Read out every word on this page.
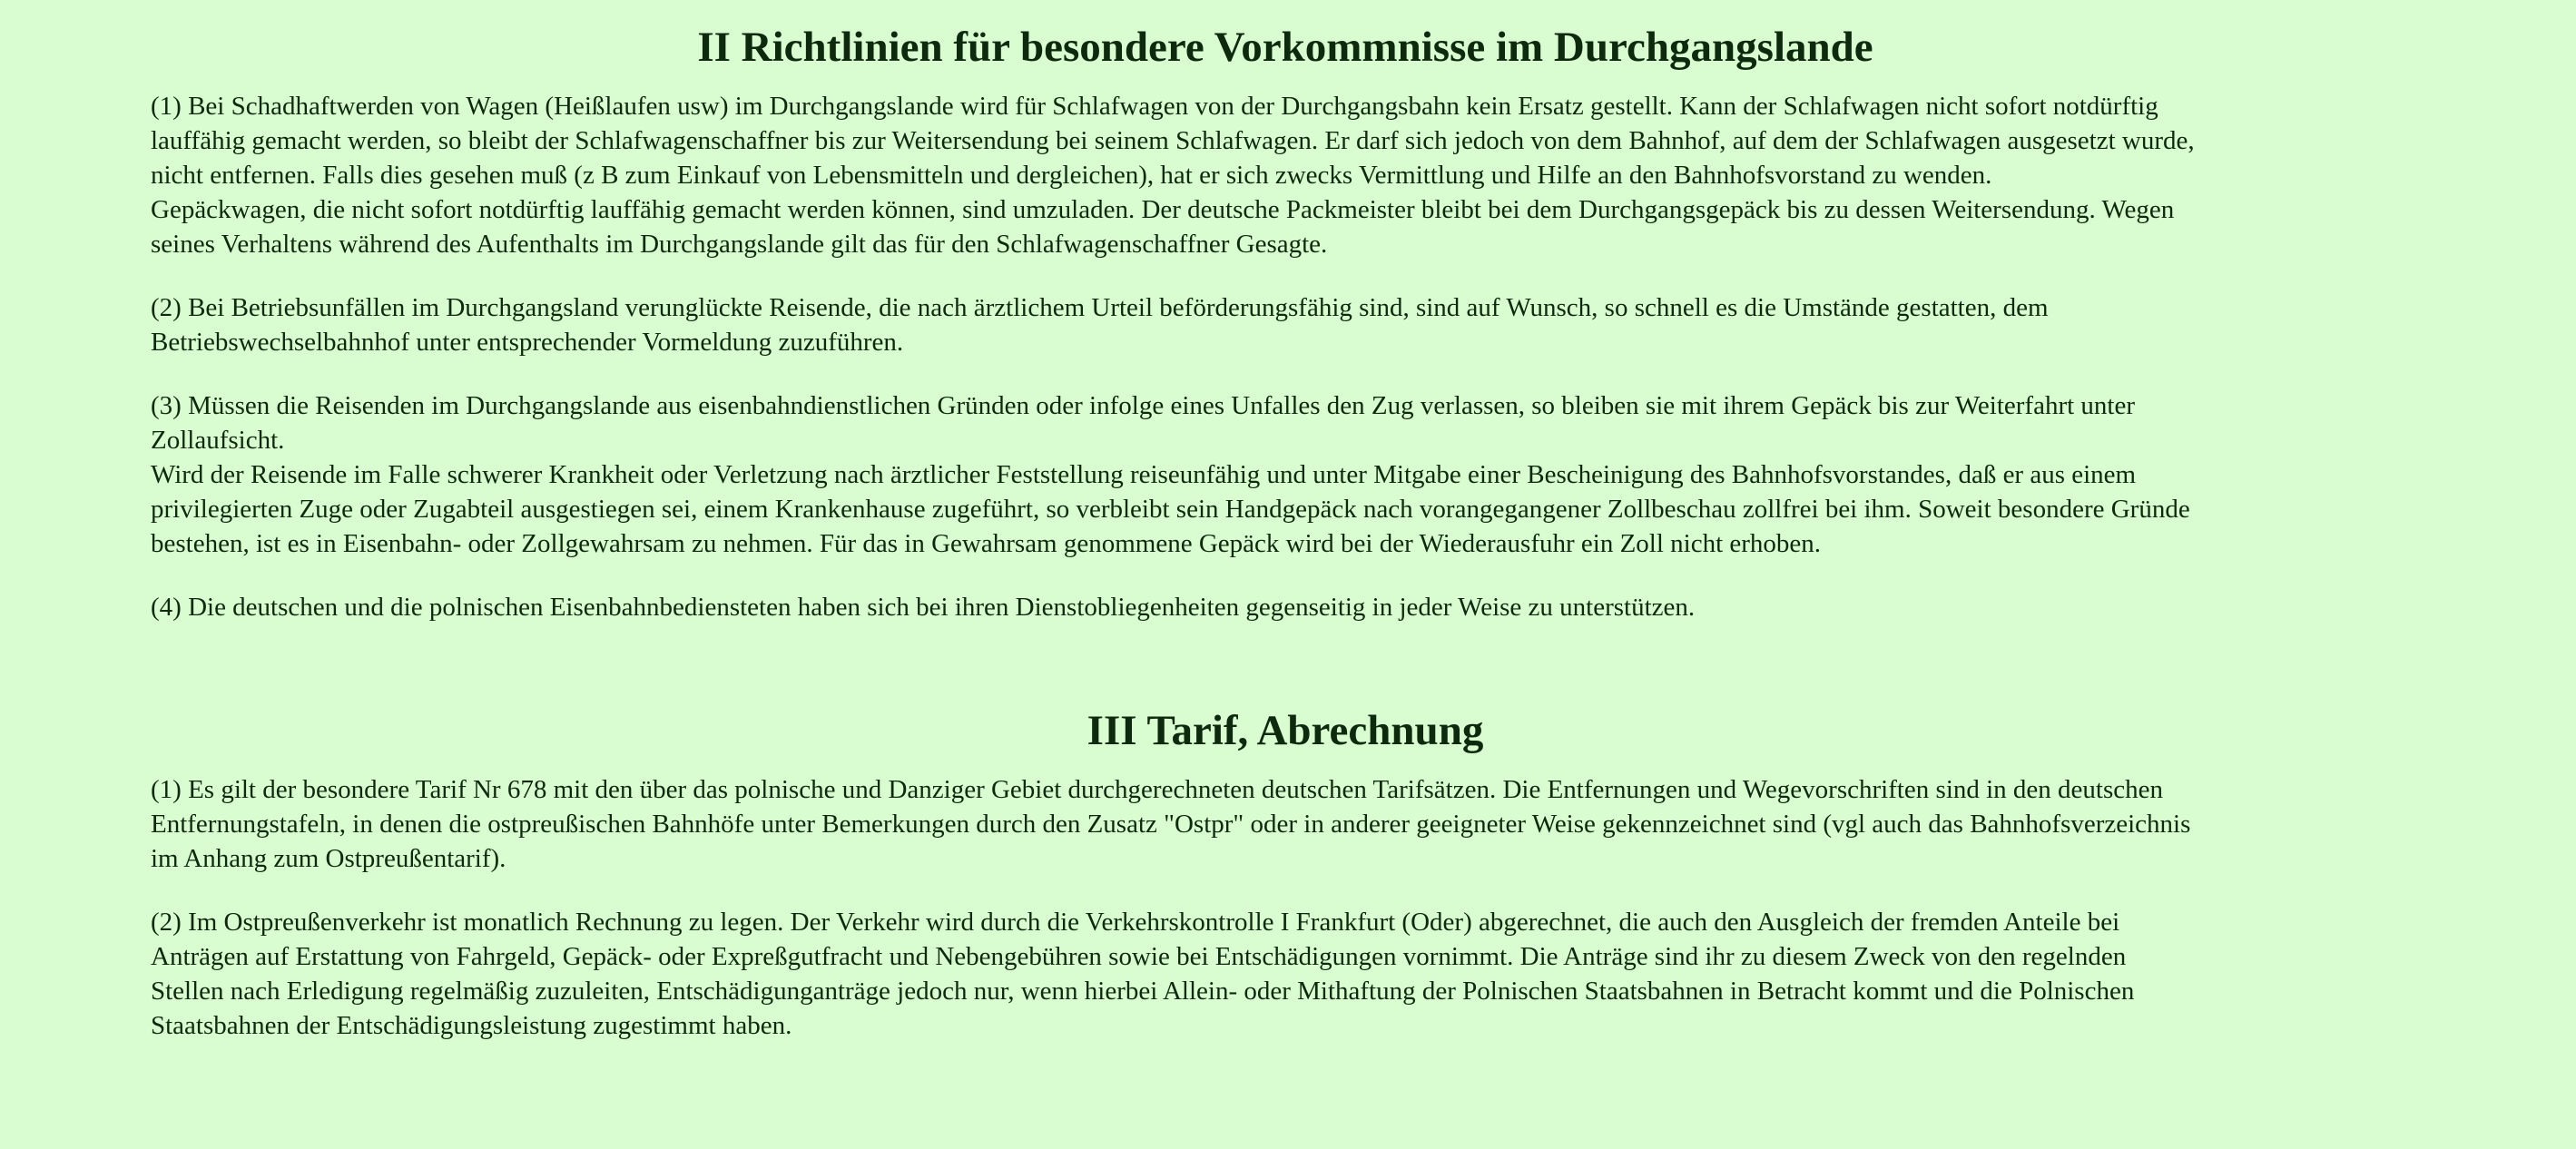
II Richtlinien für besondere Vorkommnisse im Durchgangslande

(1) Bei Schadhaftwerden von Wagen (Heißlaufen usw) im Durchgangslande wird für Schlafwagen von der Durchgangsbahn kein Ersatz gestellt. Kann der Schlafwagen nicht sofort notdürftig
lauffähig gemacht werden, so bleibt der Schlafwagenschaffner bis zur Weitersendung bei seinem Schlafwagen. Er darf sich jedoch von dem Bahnhof, auf dem der Schlafwagen ausgesetzt wurde,
nicht entfernen. Falls dies gesehen muß (z B zum Einkauf von Lebensmitteln und dergleichen), hat er sich zwecks Vermittlung und Hilfe an den Bahnhofsvorstand zu wenden.
Gepäckwagen, die nicht sofort notdürftig lauffähig gemacht werden können, sind umzuladen. Der deutsche Packmeister bleibt bei dem Durchgangsgepäck bis zu dessen Weitersendung. Wegen
seines Verhaltens während des Aufenthalts im Durchgangslande gilt das für den Schlafwagenschaffner Gesagte.

(2) Bei Betriebsunfällen im Durchgangsland verunglückte Reisende, die nach ärztlichem Urteil beförderungsfähig sind, sind auf Wunsch, so schnell es die Umstände gestatten, dem
Betriebswechselbahnhof unter entsprechender Vormeldung zuzuführen.

(3) Müssen die Reisenden im Durchgangslande aus eisenbahndienstlichen Gründen oder infolge eines Unfalles den Zug verlassen, so bleiben sie mit ihrem Gepäck bis zur Weiterfahrt unter
Zollaufsicht.
Wird der Reisende im Falle schwerer Krankheit oder Verletzung nach ärztlicher Feststellung reiseunfähig und unter Mitgabe einer Bescheinigung des Bahnhofsvorstandes, daß er aus einem
privilegierten Zuge oder Zugabteil ausgestiegen sei, einem Krankenhause zugeführt, so verbleibt sein Handgepäck nach vorangegangener Zollbeschau zollfrei bei ihm. Soweit besondere Gründe
bestehen, ist es in Eisenbahn- oder Zollgewahrsam zu nehmen. Für das in Gewahrsam genommene Gepäck wird bei der Wiederausfuhr ein Zoll nicht erhoben.

(4) Die deutschen und die polnischen Eisenbahnbediensteten haben sich bei ihren Dienstobliegenheiten gegenseitig in jeder Weise zu unterstützen.

III Tarif, Abrechnung

(1) Es gilt der besondere Tarif Nr 678 mit den über das polnische und Danziger Gebiet durchgerechneten deutschen Tarifsätzen. Die Entfernungen und Wegevorschriften sind in den deutschen
Entfernungstafeln, in denen die ostpreußischen Bahnhöfe unter Bemerkungen durch den Zusatz "Ostpr" oder in anderer geeigneter Weise gekennzeichnet sind (vgl auch das Bahnhofsverzeichnis
im Anhang zum Ostpreußentarif).

(2) Im Ostpreußenverkehr ist monatlich Rechnung zu legen. Der Verkehr wird durch die Verkehrskontrolle I Frankfurt (Oder) abgerechnet, die auch den Ausgleich der fremden Anteile bei
Anträgen auf Erstattung von Fahrgeld, Gepäck- oder Expreßgutfracht und Nebengebühren sowie bei Entschädigungen vornimmt. Die Anträge sind ihr zu diesem Zweck von den regelnden
Stellen nach Erledigung regelmäßig zuzuleiten, Entschädigunganträge jedoch nur, wenn hierbei Allein- oder Mithaftung der Polnischen Staatsbahnen in Betracht kommt und die Polnischen
Staatsbahnen der Entschädigungsleistung zugestimmt haben.
